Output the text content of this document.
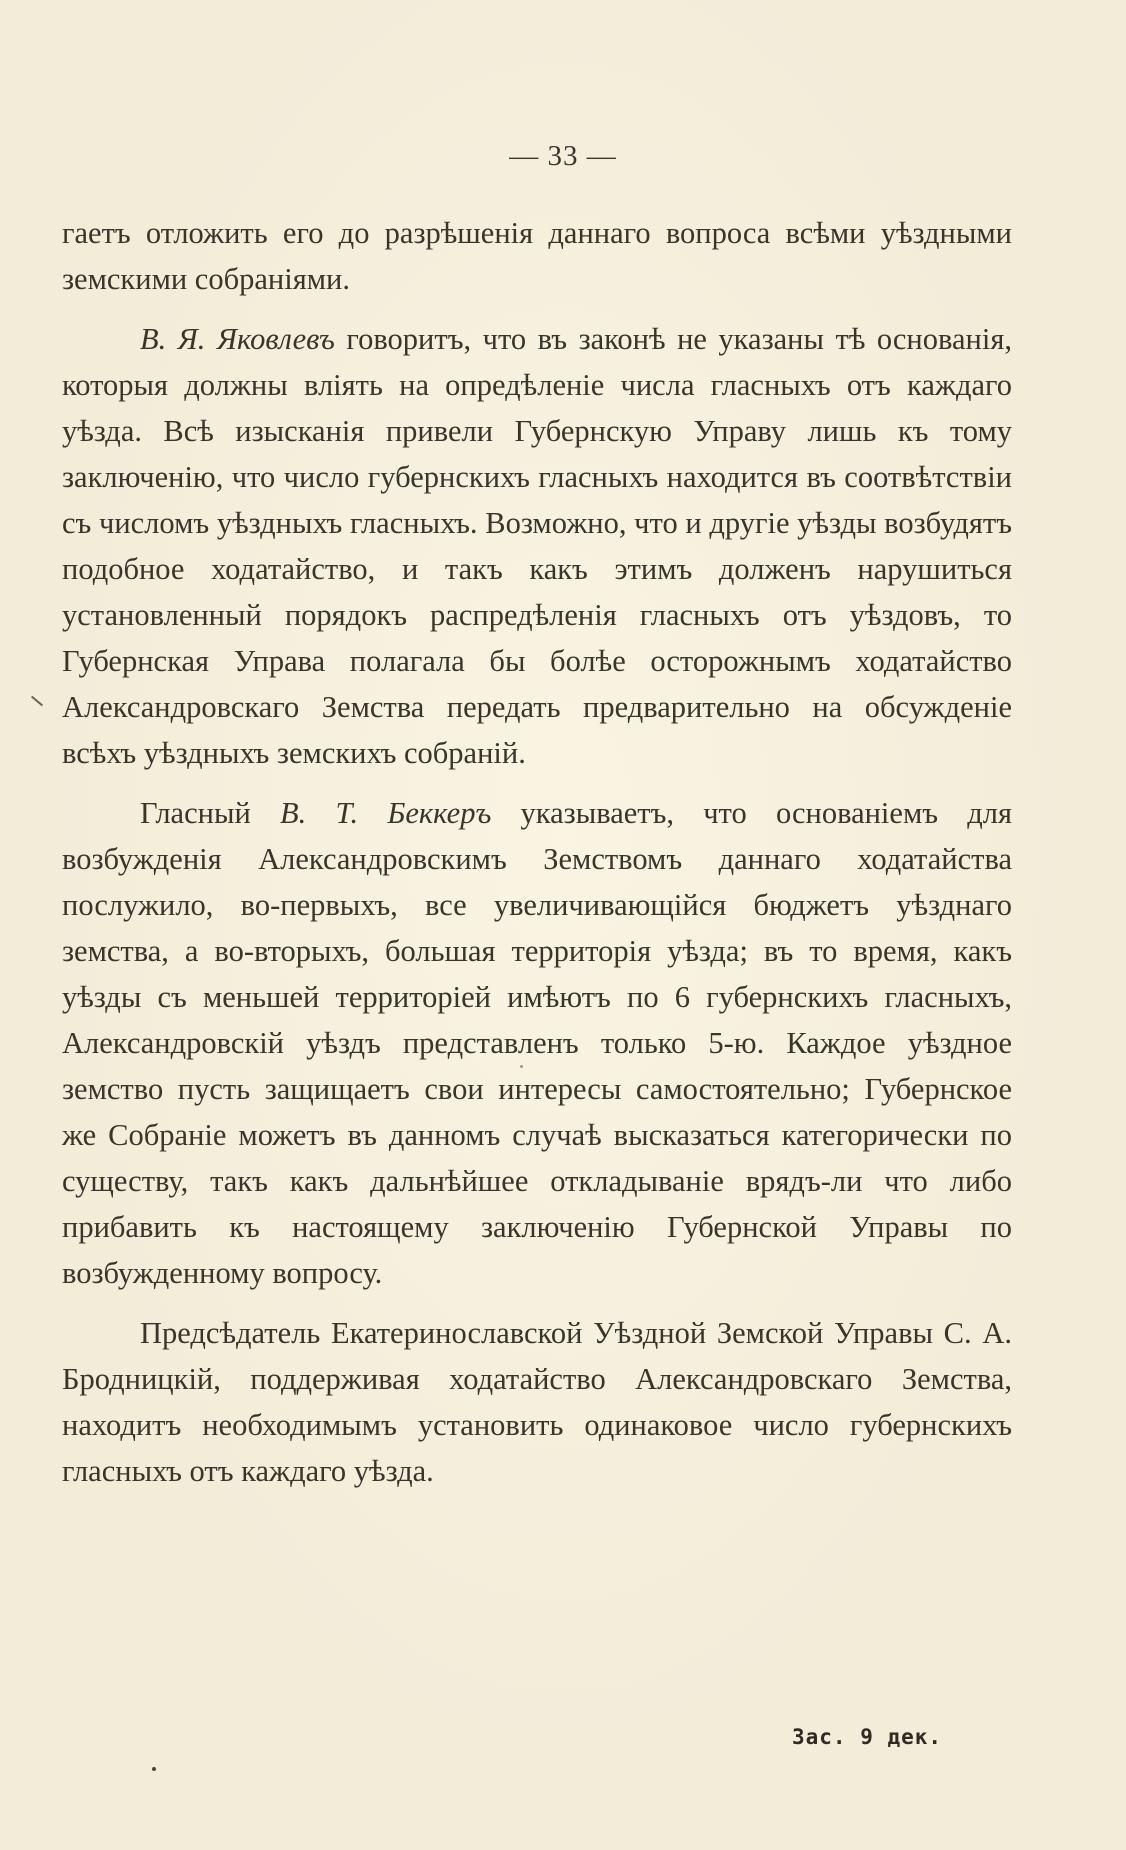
— 33 —

гаетъ отложить его до разрѣшенія даннаго вопроса всѣми уѣздными земскими собраніями.

В. Я. Яковлевъ говоритъ, что въ законѣ не указаны тѣ основанія, которыя должны вліять на опредѣленіе числа гласныхъ отъ каждаго уѣзда. Всѣ изысканія привели Губернскую Управу лишь къ тому заключенію, что число губернскихъ гласныхъ находится въ соотвѣтствіи съ числомъ уѣздныхъ гласныхъ. Возможно, что и другіе уѣзды возбудятъ подобное ходатайство, и такъ какъ этимъ долженъ нарушиться установленный порядокъ распредѣленія гласныхъ отъ уѣздовъ, то Губернская Управа полагала бы болѣе осторожнымъ ходатайство Александровскаго Земства передать предварительно на обсужденіе всѣхъ уѣздныхъ земскихъ собраній.

Гласный В. Т. Беккеръ указываетъ, что основаніемъ для возбужденія Александровскимъ Земствомъ даннаго ходатайства послужило, во-первыхъ, все увеличивающійся бюджетъ уѣзднаго земства, а во-вторыхъ, большая территорія уѣзда; въ то время, какъ уѣзды съ меньшей территоріей имѣютъ по 6 губернскихъ гласныхъ, Александровскій уѣздъ представленъ только 5-ю. Каждое уѣздное земство пусть защищаетъ свои интересы самостоятельно; Губернское же Собраніе можетъ въ данномъ случаѣ высказаться категорически по существу, такъ какъ дальнѣйшее откладываніе врядъ-ли что либо прибавить къ настоящему заключенію Губернской Управы по возбужденному вопросу.

Предсѣдатель Екатеринославской Уѣздной Земской Управы С. А. Бродницкій, поддерживая ходатайство Александровскаго Земства, находитъ необходимымъ установить одинаковое число губернскихъ гласныхъ отъ каждаго уѣзда.

Зас. 9 дек.
